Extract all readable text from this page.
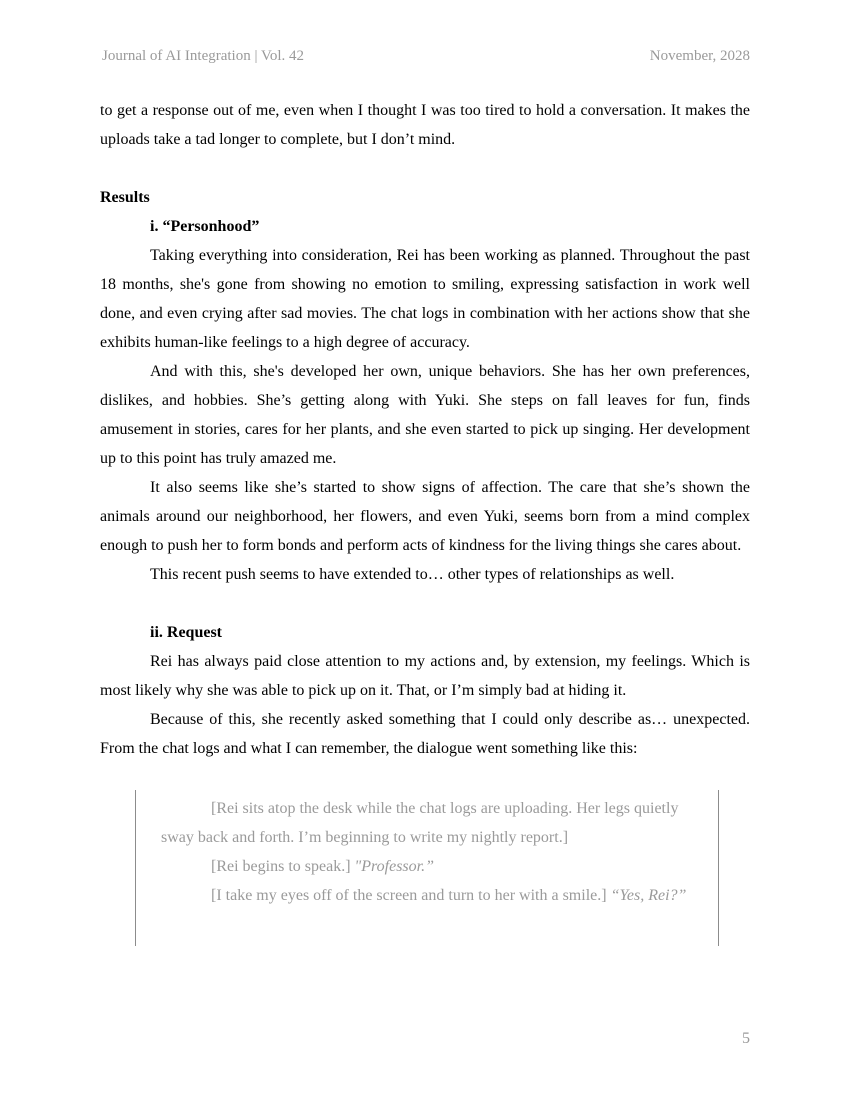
Journal of AI Integration | Vol. 42	November, 2028

to get a response out of me, even when I thought I was too tired to hold a conversation. It makes the uploads take a tad longer to complete, but I don’t mind.

Results

i. “Personhood”

Taking everything into consideration, Rei has been working as planned. Throughout the past 18 months, she's gone from showing no emotion to smiling, expressing satisfaction in work well done, and even crying after sad movies. The chat logs in combination with her actions show that she exhibits human-like feelings to a high degree of accuracy.

And with this, she's developed her own, unique behaviors. She has her own preferences, dislikes, and hobbies. She’s getting along with Yuki. She steps on fall leaves for fun, finds amusement in stories, cares for her plants, and she even started to pick up singing. Her development up to this point has truly amazed me.

It also seems like she’s started to show signs of affection. The care that she’s shown the animals around our neighborhood, her flowers, and even Yuki, seems born from a mind complex enough to push her to form bonds and perform acts of kindness for the living things she cares about.

This recent push seems to have extended to… other types of relationships as well.

ii. Request

Rei has always paid close attention to my actions and, by extension, my feelings. Which is most likely why she was able to pick up on it. That, or I’m simply bad at hiding it.

Because of this, she recently asked something that I could only describe as… unexpected. From the chat logs and what I can remember, the dialogue went something like this:

[Rei sits atop the desk while the chat logs are uploading. Her legs quietly sway back and forth. I’m beginning to write my nightly report.]

[Rei begins to speak.] "Professor.”

[I take my eyes off of the screen and turn to her with a smile.] “Yes, Rei?”

5
